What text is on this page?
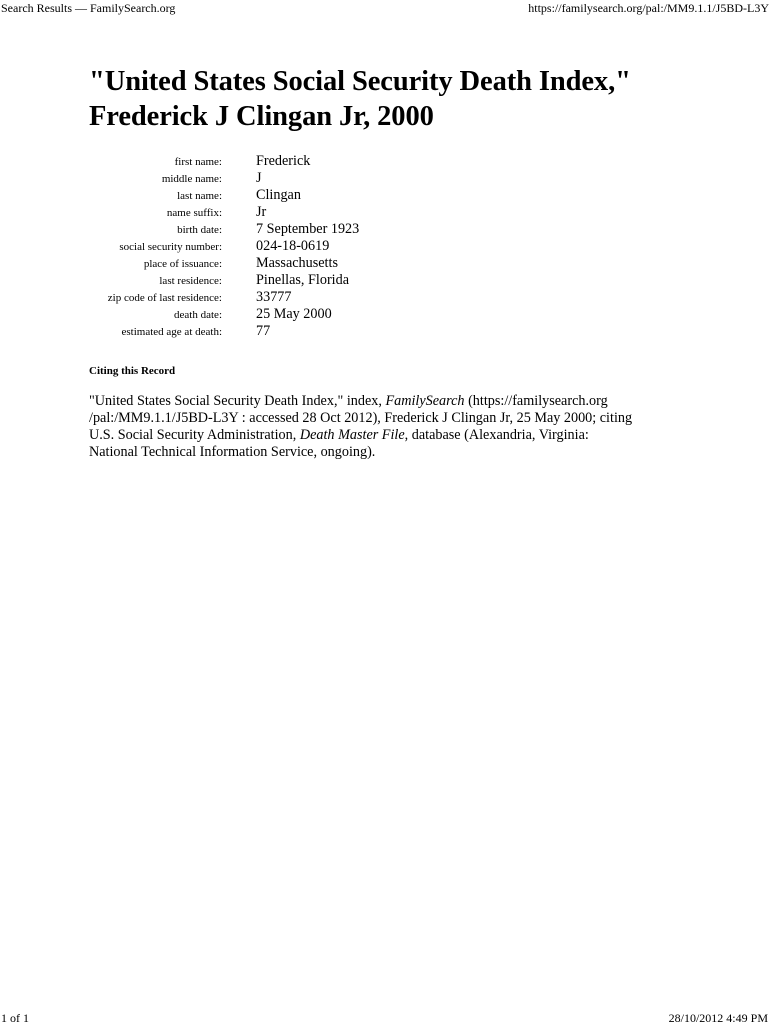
Search Results — FamilySearch.org	https://familysearch.org/pal:/MM9.1.1/J5BD-L3Y
"United States Social Security Death Index,"
Frederick J Clingan Jr, 2000
first name:	Frederick
middle name:	J
last name:	Clingan
name suffix:	Jr
birth date:	7 September 1923
social security number:	024-18-0619
place of issuance:	Massachusetts
last residence:	Pinellas, Florida
zip code of last residence:	33777
death date:	25 May 2000
estimated age at death:	77
Citing this Record

"United States Social Security Death Index," index, FamilySearch (https://familysearch.org
/pal:/MM9.1.1/J5BD-L3Y : accessed 28 Oct 2012), Frederick J Clingan Jr, 25 May 2000; citing
U.S. Social Security Administration, Death Master File, database (Alexandria, Virginia:
National Technical Information Service, ongoing).

1 of 1	28/10/2012 4:49 PM
